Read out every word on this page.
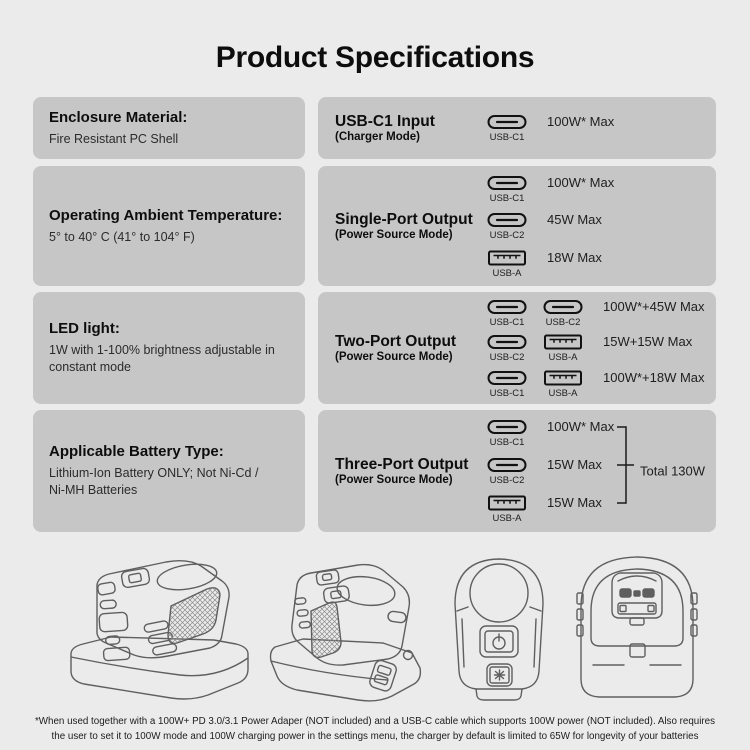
Product Specifications
Enclosure Material:
Fire Resistant PC Shell
USB-C1 Input
(Charger Mode)	USB-C1
100W* Max
Operating Ambient Temperature:
5° to 40° C (41° to 104° F)
Single-Port Output
(Power Source Mode)
USB-C1
100W* Max
USB-C2
45W Max
USB-A
18W Max
LED light:
1W with 1-100% brightness adjustable in constant mode
Two-Port Output
(Power Source Mode)
USB-C1 USB-C2
100W*+45W Max
USB-C2	USB-A
15W+15W Max
USB-C1	USB-A
100W*+18W Max
Applicable Battery Type:
Lithium-Ion Battery ONLY; Not Ni-Cd / Ni-MH Batteries
Three-Port Output
(Power Source Mode)
USB-C1
100W* Max
USB-C2
15W Max
USB-A
15W Max
Total 130W
*When used together with a 100W+ PD 3.0/3.1 Power Adaper (NOT included) and a USB-C cable which supports 100W power (NOT included). Also requires
the user to set it to 100W mode and 100W charging power in the settings menu, the charger by default is limited to 65W for longevity of your batteries
